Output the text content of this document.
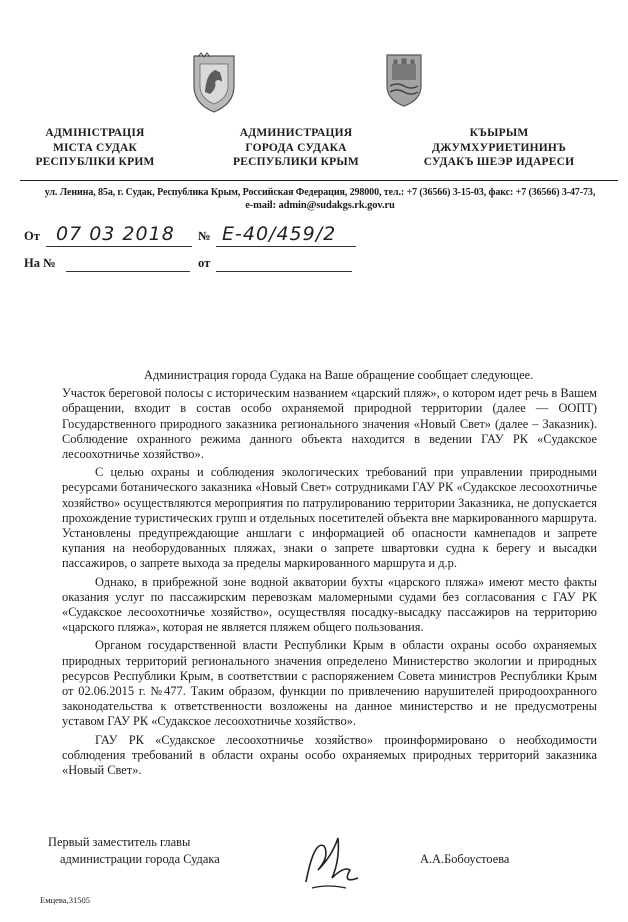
АДМІНІСТРАЦІЯ
МІСТА СУДАК
РЕСПУБЛІКИ КРИМ
АДМИНИСТРАЦИЯ
ГОРОДА СУДАКА
РЕСПУБЛИКИ КРЫМ
КЪЫРЫМ
ДЖУМХУРИЕТИНИНЪ
СУДАКЪ ШЕЭР ИДАРЕСИ
ул. Ленина, 85а, г. Судак, Республика Крым, Российская Федерация, 298000, тел.: +7 (36566) 3-15-03, факс: +7 (36566) 3-47-73,
e-mail: admin@sudakgs.rk.gov.ru
От 07 03 2018 № Е-40/459/2
На №	от

Администрация города Судака на Ваше обращение сообщает следующее.

Участок береговой полосы с историческим названием «царский пляж», о котором идет речь в Вашем обращении, входит в состав особо охраняемой природной территории (далее — ООПТ) Государственного природного заказника регионального значения «Новый Свет» (далее – Заказник). Соблюдение охранного режима данного объекта находится в ведении ГАУ РК «Судакское лесоохотничье хозяйство».

С целью охраны и соблюдения экологических требований при управлении природными ресурсами ботанического заказника «Новый Свет» сотрудниками ГАУ РК «Судакское лесоохотничье хозяйство» осуществляются мероприятия по патрулированию территории Заказника, не допускается прохождение туристических групп и отдельных посетителей объекта вне маркированного маршрута. Установлены предупреждающие аншлаги с информацией об опасности камнепадов и запрете купания на необорудованных пляжах, знаки о запрете швартовки судна к берегу и высадки пассажиров, о запрете выхода за пределы маркированного маршрута и д.р.

Однако, в прибрежной зоне водной акватории бухты «царского пляжа» имеют место факты оказания услуг по пассажирским перевозкам маломерными судами без согласования с ГАУ РК «Судакское лесоохотничье хозяйство», осуществляя посадку-высадку пассажиров на территорию «царского пляжа», которая не является пляжем общего пользования.

Органом государственной власти Республики Крым в области охраны особо охраняемых природных территорий регионального значения определено Министерство экологии и природных ресурсов Республики Крым, в соответствии с распоряжением Совета министров Республики Крым от 02.06.2015 г. №477. Таким образом, функции по привлечению нарушителей природоохранного законодательства к ответственности возложены на данное министерство и не предусмотрены уставом ГАУ РК «Судакское лесоохотничье хозяйство».

ГАУ РК «Судакское лесоохотничье хозяйство» проинформировано о необходимости соблюдения требований в области охраны особо охраняемых природных территорий заказника «Новый Свет».

Первый заместитель главы
администрации города Судака	А.А.Бобоустоева
Емцева,31505
